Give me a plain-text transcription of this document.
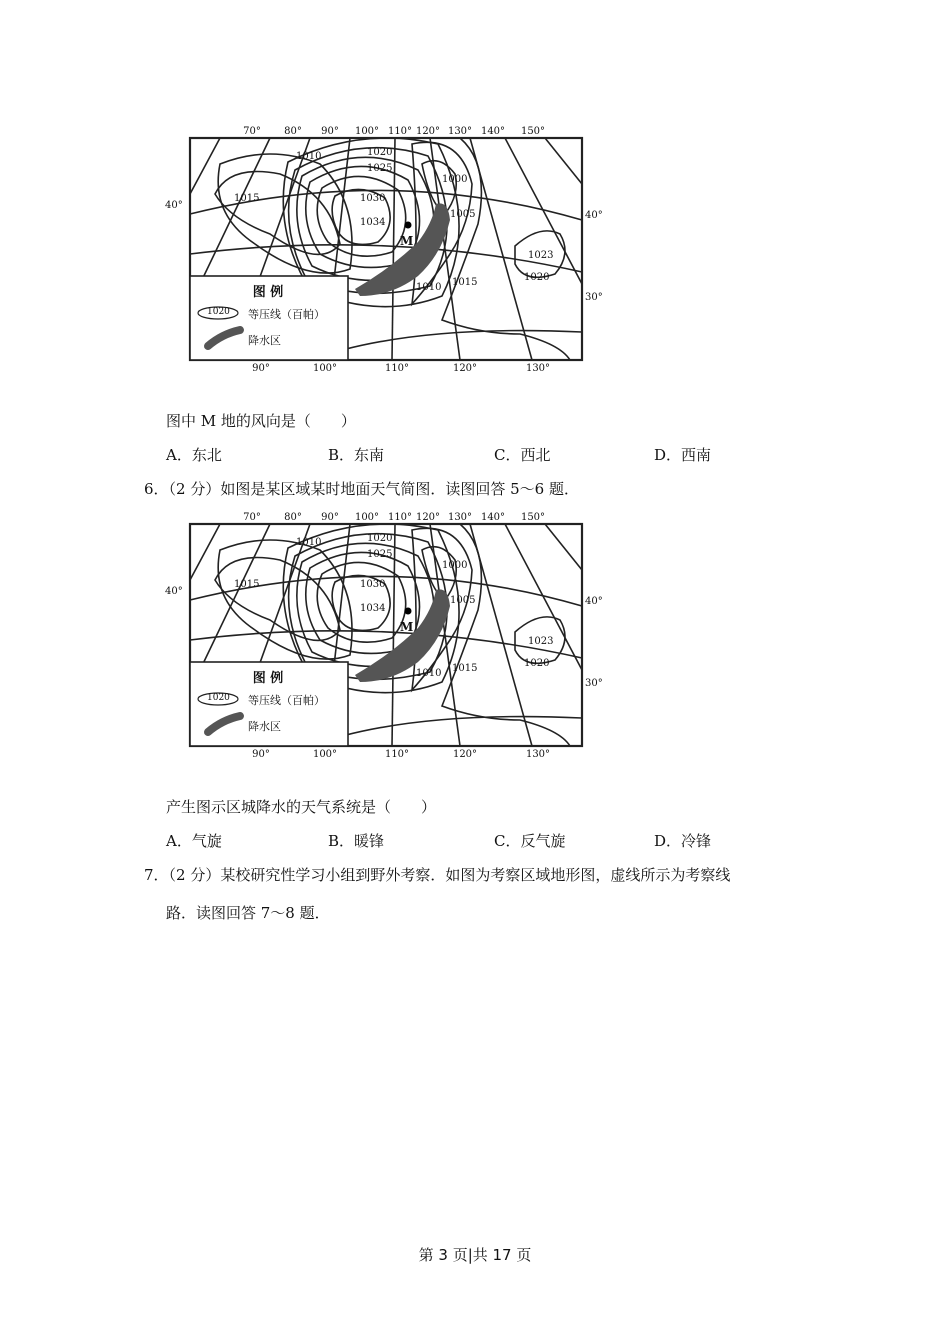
70° 80° 90° 100° 110° 120° 130° 140° 150°
90°	100°	110°	120°	130°
40°
40°
30°
1010	1020
1025
1015	1030
1034
1000
1005
1023
1020
1010 1015
M
图 例
1020 等压线（百帕）
降水区
图中 M 地的风向是（　　）
A．东北	B．东南	C．西北	D．西南
6．（2 分）如图是某区域某时地面天气简图．读图回答 5～6 题．
70° 80° 90° 100° 110° 120° 130° 140° 150°
90°	100°	110°	120°	130°
40°
40°
30°
1010	1020
1025
1015	1030
1034
1000
1005
1023
1020
1010 1015
M
图 例
1020 等压线（百帕）
降水区
产生图示区城降水的天气系统是（　　）
A．气旋	B．暖锋	C．反气旋	D．冷锋
7．（2 分）某校研究性学习小组到野外考察．如图为考察区域地形图，虚线所示为考察线
路．读图回答 7～8 题．
第 3 页|共 17 页
